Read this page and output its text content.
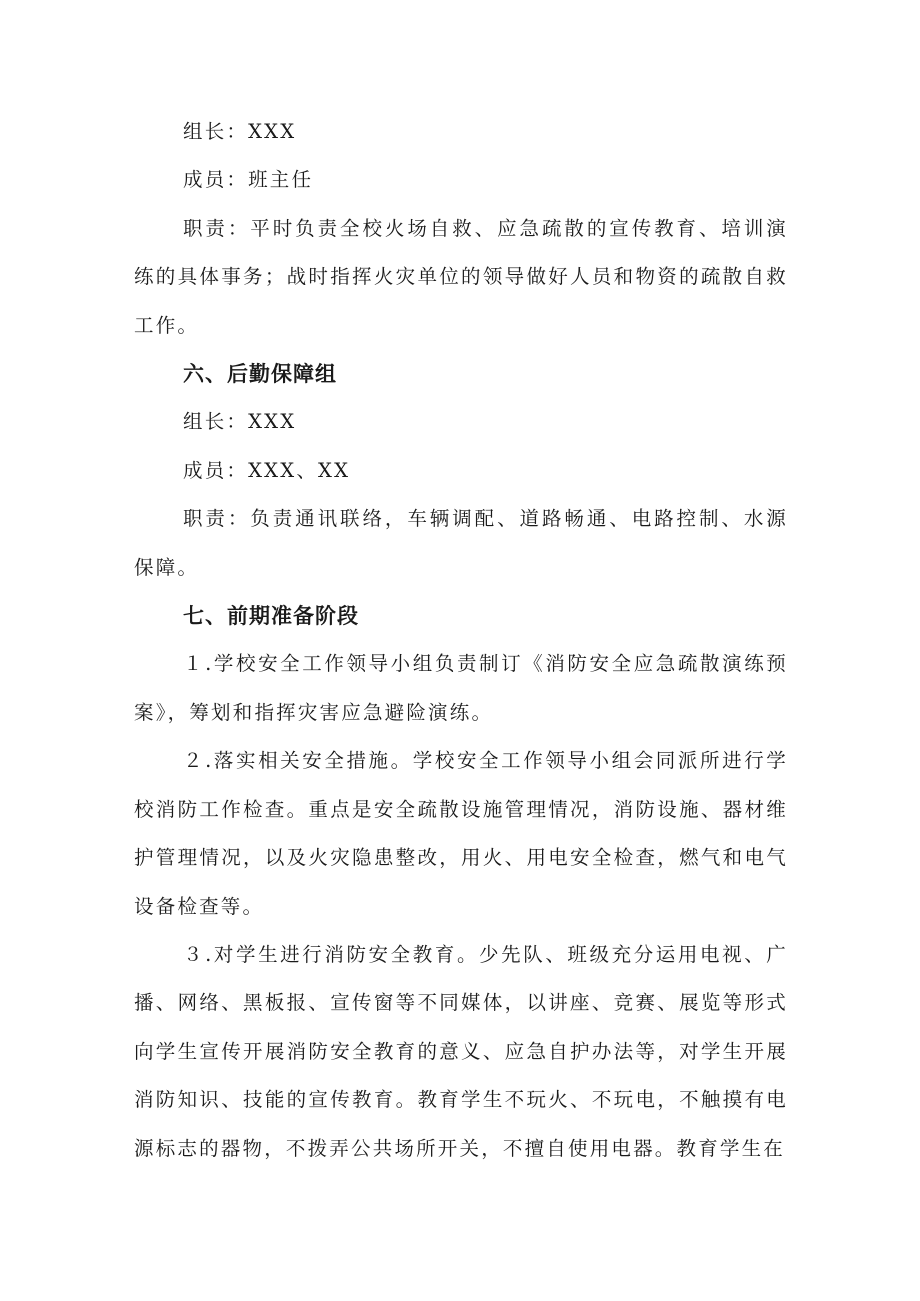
组长：XXX

成员：班主任

职责：平时负责全校火场自救、应急疏散的宣传教育、培训演练的具体事务；战时指挥火灾单位的领导做好人员和物资的疏散自救工作。

六、后勤保障组

组长：XXX

成员：XXX、XX

职责：负责通讯联络，车辆调配、道路畅通、电路控制、水源保障。

七、前期准备阶段

１.学校安全工作领导小组负责制订《消防安全应急疏散演练预案》，筹划和指挥灾害应急避险演练。

２.落实相关安全措施。学校安全工作领导小组会同派所进行学校消防工作检查。重点是安全疏散设施管理情况，消防设施、器材维护管理情况，以及火灾隐患整改，用火、用电安全检查，燃气和电气设备检查等。

３.对学生进行消防安全教育。少先队、班级充分运用电视、广播、网络、黑板报、宣传窗等不同媒体，以讲座、竞赛、展览等形式向学生宣传开展消防安全教育的意义、应急自护办法等，对学生开展消防知识、技能的宣传教育。教育学生不玩火、不玩电，不触摸有电源标志的器物，不拨弄公共场所开关，不擅自使用电器。教育学生在
